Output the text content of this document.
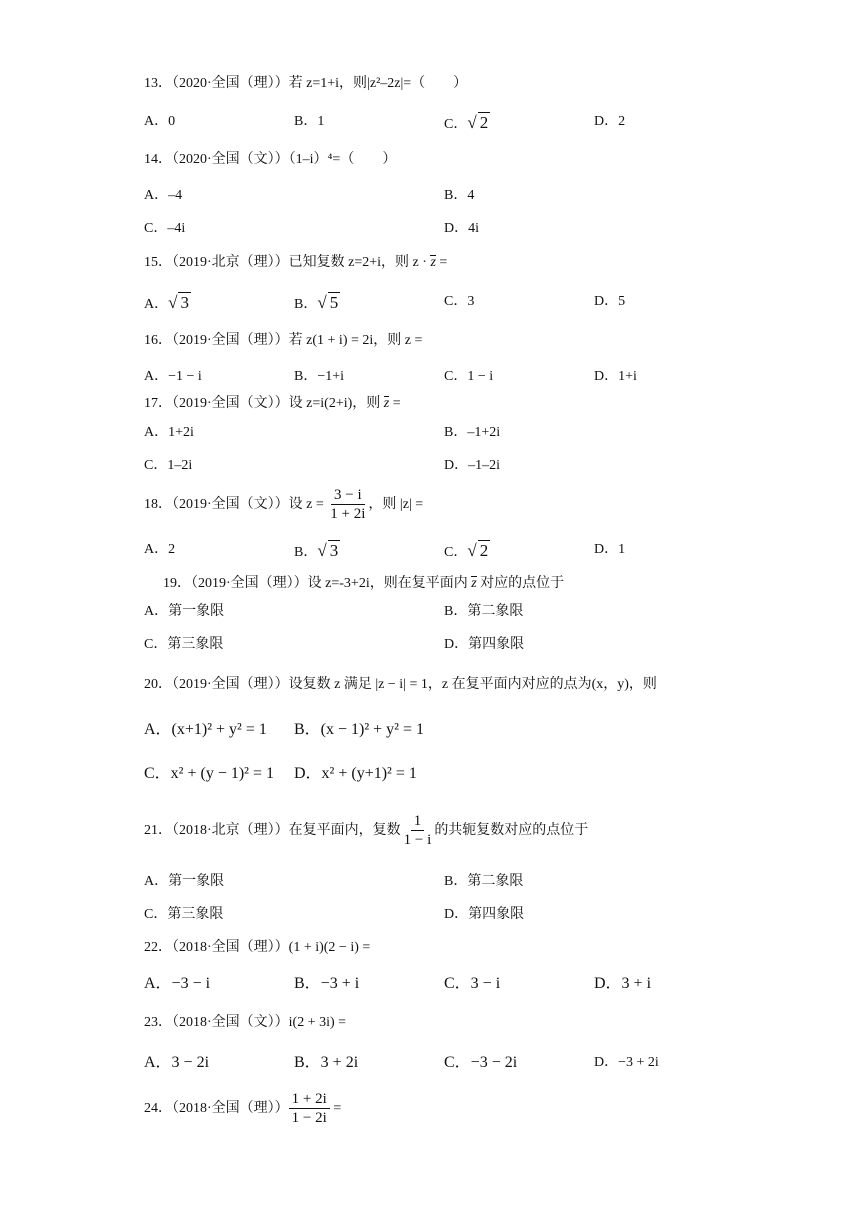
13．（2020·全国（理））若 z=1+i，则|z²–2z|=（　　）
A．0	B．1	C．√ 2	D．2
14．（2020·全国（文））（1–i）⁴=（　　）
A．–4	B．4
C．–4i	D．4i
15．（2019·北京（理））已知复数 z=2+i，则 z · z =
A．√ 3	B．√ 5	C．3	D．5
16．（2019·全国（理））若 z(1 + i) = 2i，则 z =
A．−1 − i	B．−1+i	C．1 − i	D．1+i
17．（2019·全国（文））设 z=i(2+i)，则 z =
A．1+2i	B．–1+2i
C．1–2i	D．–1–2i
18．（2019·全国（文））设 $z = \frac{3 - i}{1 + 2i}$ ，则 |z| =
A．2	B．√ 3	C．√ 2	D．1
19．（2019·全国（理））设 z=-3+2i，则在复平面内 z 对应的点位于
A．第一象限	B．第二象限
C．第三象限	D．第四象限
20．（2019·全国（理））设复数 z 满足 |z − i| = 1，z 在复平面内对应的点为(x，y)，则
A．(x+1)² + y² = 1 B．(x − 1)² + y² = 1
C．x² + (y − 1)² = 1 D．x² + (y+1)² = 1
21．（2018·北京（理））在复平面内，复数 $\frac{1}{1 - i}$ 的共轭复数对应的点位于
A．第一象限	B．第二象限
C．第三象限	D．第四象限
22．（2018·全国（理））(1 + i)(2 − i) =
A．−3 − i	B．−3 + i	C．3 − i	D．3 + i
23．（2018·全国（文））i(2 + 3i) =
A．3 − 2i	B．3 + 2i	C．−3 − 2i	D．−3 + 2i
24．（2018·全国（理）） $\frac{1 + 2i}{1 - 2i}$ =
